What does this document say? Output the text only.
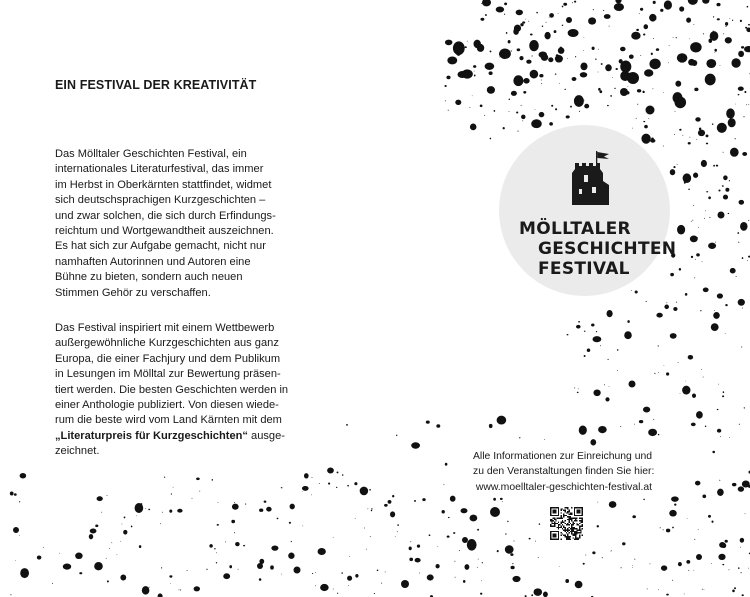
EIN FESTIVAL DER KREATIVITÄT

Das Mölltaler Geschichten Festival, ein
internationales Literaturfestival, das immer
im Herbst in Oberkärnten stattfindet, widmet
sich deutschsprachigen Kurzgeschichten –
und zwar solchen, die sich durch Erfindungs-
reichtum und Wortgewandtheit auszeichnen.
Es hat sich zur Aufgabe gemacht, nicht nur
namhaften Autorinnen und Autoren eine
Bühne zu bieten, sondern auch neuen
Stimmen Gehör zu verschaffen.

Das Festival inspiriert mit einem Wettbewerb
außergewöhnliche Kurzgeschichten aus ganz
Europa, die einer Fachjury und dem Publikum
in Lesungen im Mölltal zur Bewertung präsen-
tiert werden. Die besten Geschichten werden in
einer Anthologie publiziert. Von diesen wiede-
rum die beste wird vom Land Kärnten mit dem
„Literaturpreis für Kurzgeschichten“ ausge-
zeichnet.

MÖLLTALER
GESCHICHTEN
FESTIVAL
Alle Informationen zur Einreichung und
zu den Veranstaltungen finden Sie hier:
www.moelltaler-geschichten-festival.at
